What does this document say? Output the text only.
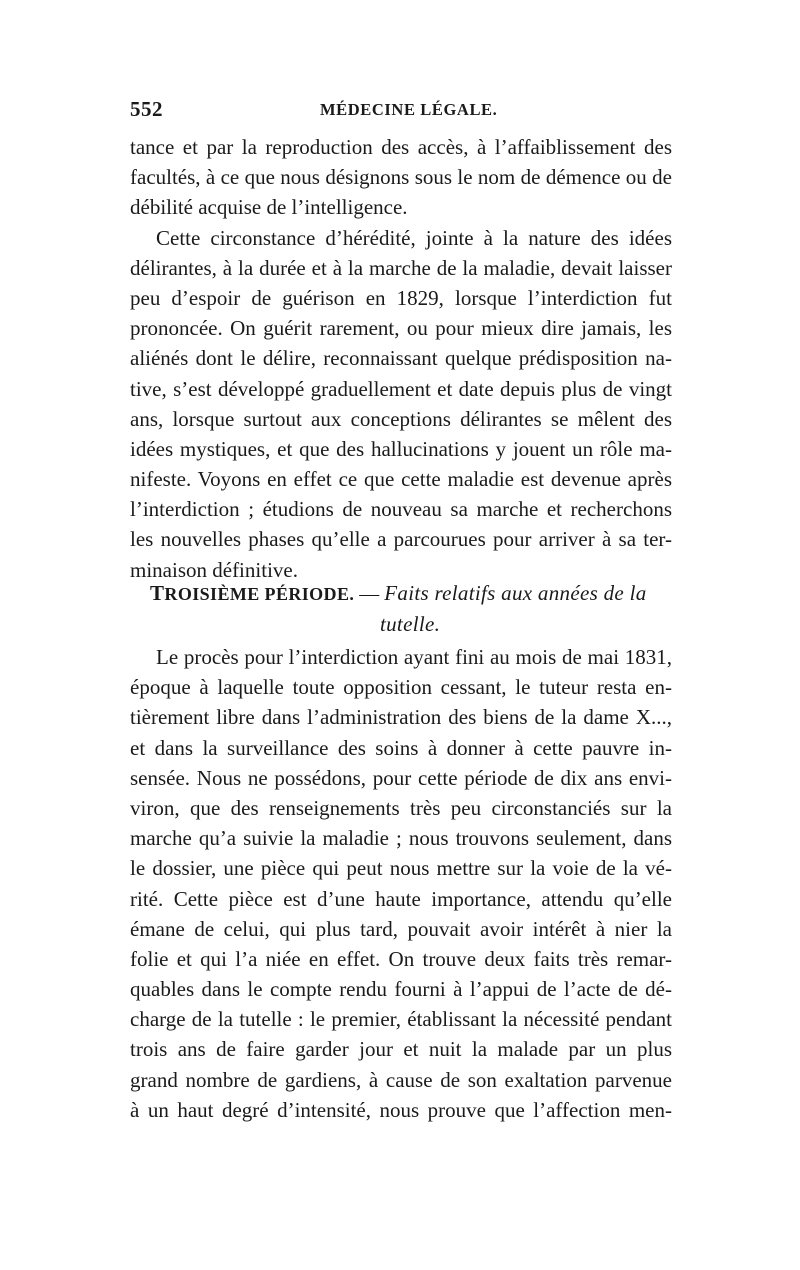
552	MÉDECINE LÉGALE.
tance et par la reproduction des accès, à l’affaiblissement des
facultés, à ce que nous désignons sous le nom de démence ou de
débilité acquise de l’intelligence.
Cette circonstance d’hérédité, jointe à la nature des idées
délirantes, à la durée et à la marche de la maladie, devait laisser
peu d’espoir de guérison en 1829, lorsque l’interdiction fut
prononcée. On guérit rarement, ou pour mieux dire jamais, les
aliénés dont le délire, reconnaissant quelque prédisposition na-
tive, s’est développé graduellement et date depuis plus de vingt
ans, lorsque surtout aux conceptions délirantes se mêlent des
idées mystiques, et que des hallucinations y jouent un rôle ma-
nifeste. Voyons en effet ce que cette maladie est devenue après
l’interdiction ; étudions de nouveau sa marche et recherchons
les nouvelles phases qu’elle a parcourues pour arriver à sa ter-
minaison définitive.
TROISIÈME PÉRIODE. — Faits relatifs aux années de la
tutelle.
Le procès pour l’interdiction ayant fini au mois de mai 1831,
époque à laquelle toute opposition cessant, le tuteur resta en-
tièrement libre dans l’administration des biens de la dame X...,
et dans la surveillance des soins à donner à cette pauvre in-
sensée. Nous ne possédons, pour cette période de dix ans envi-
viron, que des renseignements très peu circonstanciés sur la
marche qu’a suivie la maladie ; nous trouvons seulement, dans
le dossier, une pièce qui peut nous mettre sur la voie de la vé-
rité. Cette pièce est d’une haute importance, attendu qu’elle
émane de celui, qui plus tard, pouvait avoir intérêt à nier la
folie et qui l’a niée en effet. On trouve deux faits très remar-
quables dans le compte rendu fourni à l’appui de l’acte de dé-
charge de la tutelle : le premier, établissant la nécessité pendant
trois ans de faire garder jour et nuit la malade par un plus
grand nombre de gardiens, à cause de son exaltation parvenue
à un haut degré d’intensité, nous prouve que l’affection men-
